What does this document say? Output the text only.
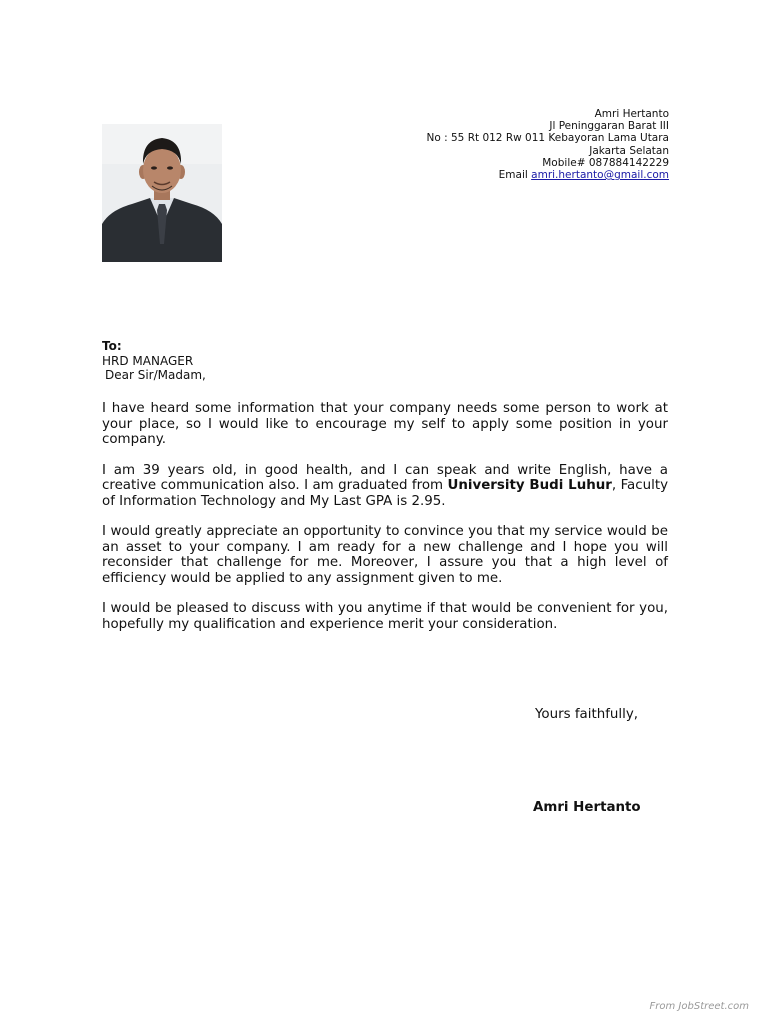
Amri Hertanto
Jl Peninggaran Barat III
No : 55 Rt 012 Rw 011 Kebayoran Lama Utara
Jakarta Selatan
Mobile# 087884142229
Email amri.hertanto@gmail.com
To:
HRD MANAGER
Dear Sir/Madam,

I have heard some information that your company needs some person to work at your place, so I would like to encourage my self to apply some position in your company.

I am 39 years old, in good health, and I can speak and write English, have a creative communication also. I am graduated from University Budi Luhur, Faculty of Information Technology and My Last GPA is 2.95.

I would greatly appreciate an opportunity to convince you that my service would be an asset to your company. I am ready for a new challenge and I hope you will reconsider that challenge for me. Moreover, I assure you that a high level of efficiency would be applied to any assignment given to me.

I would be pleased to discuss with you anytime if that would be convenient for you, hopefully my qualification and experience merit your consideration.

Yours faithfully,
Amri Hertanto
From JobStreet.com
